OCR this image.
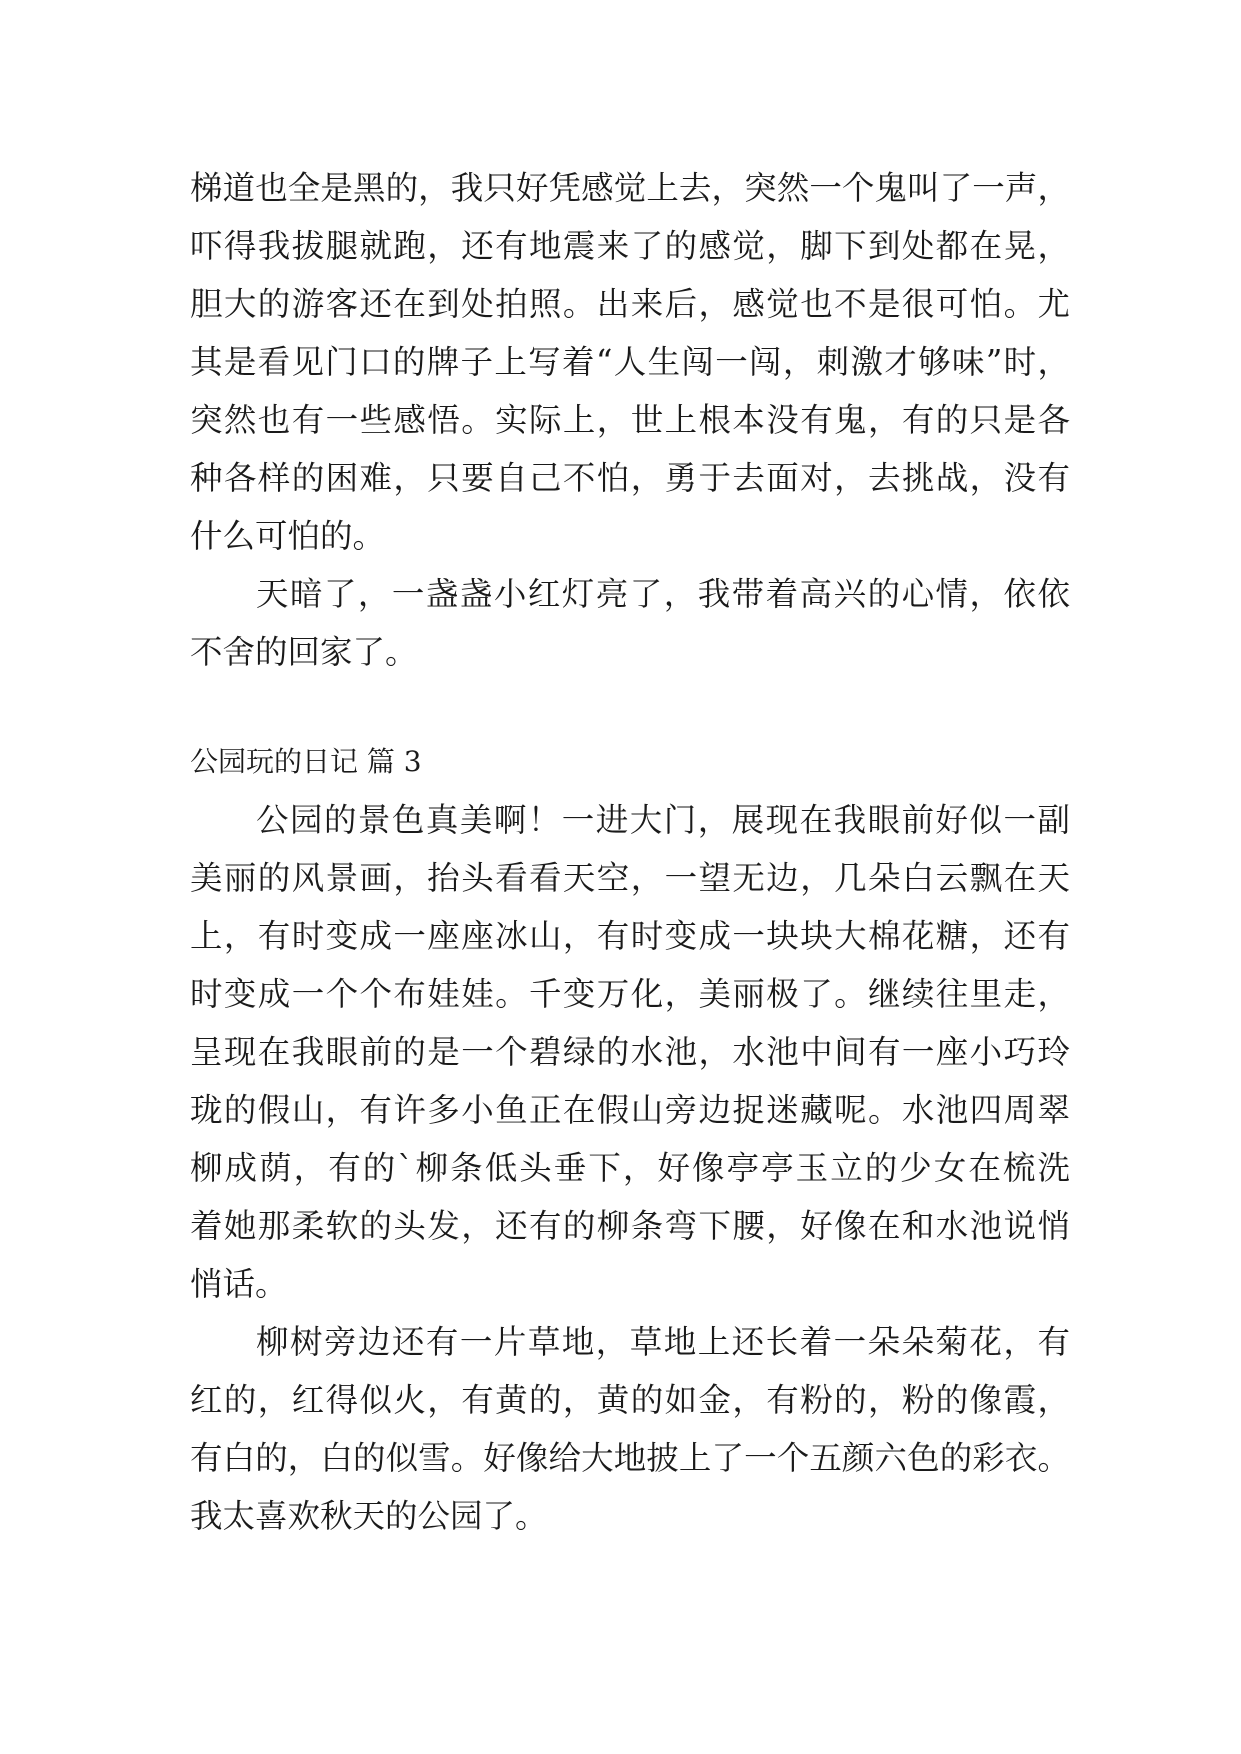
梯道也全是黑的，我只好凭感觉上去，突然一个鬼叫了一声，
吓得我拔腿就跑，还有地震来了的感觉，脚下到处都在晃，
胆大的游客还在到处拍照。出来后，感觉也不是很可怕。尤
其是看见门口的牌子上写着“人生闯一闯，刺激才够味”时，
突然也有一些感悟。实际上，世上根本没有鬼，有的只是各
种各样的困难，只要自己不怕，勇于去面对，去挑战，没有
什么可怕的。
天暗了，一盏盏小红灯亮了，我带着高兴的心情，依依
不舍的回家了。
公园玩的日记 篇 3
公园的景色真美啊！一进大门，展现在我眼前好似一副
美丽的风景画，抬头看看天空，一望无边，几朵白云飘在天
上，有时变成一座座冰山，有时变成一块块大棉花糖，还有
时变成一个个布娃娃。千变万化，美丽极了。继续往里走，
呈现在我眼前的是一个碧绿的水池，水池中间有一座小巧玲
珑的假山，有许多小鱼正在假山旁边捉迷藏呢。水池四周翠
柳成荫，有的`柳条低头垂下，好像亭亭玉立的少女在梳洗
着她那柔软的头发，还有的柳条弯下腰，好像在和水池说悄
悄话。
柳树旁边还有一片草地，草地上还长着一朵朵菊花，有
红的，红得似火，有黄的，黄的如金，有粉的，粉的像霞，
有白的，白的似雪。好像给大地披上了一个五颜六色的彩衣。
我太喜欢秋天的公园了。
